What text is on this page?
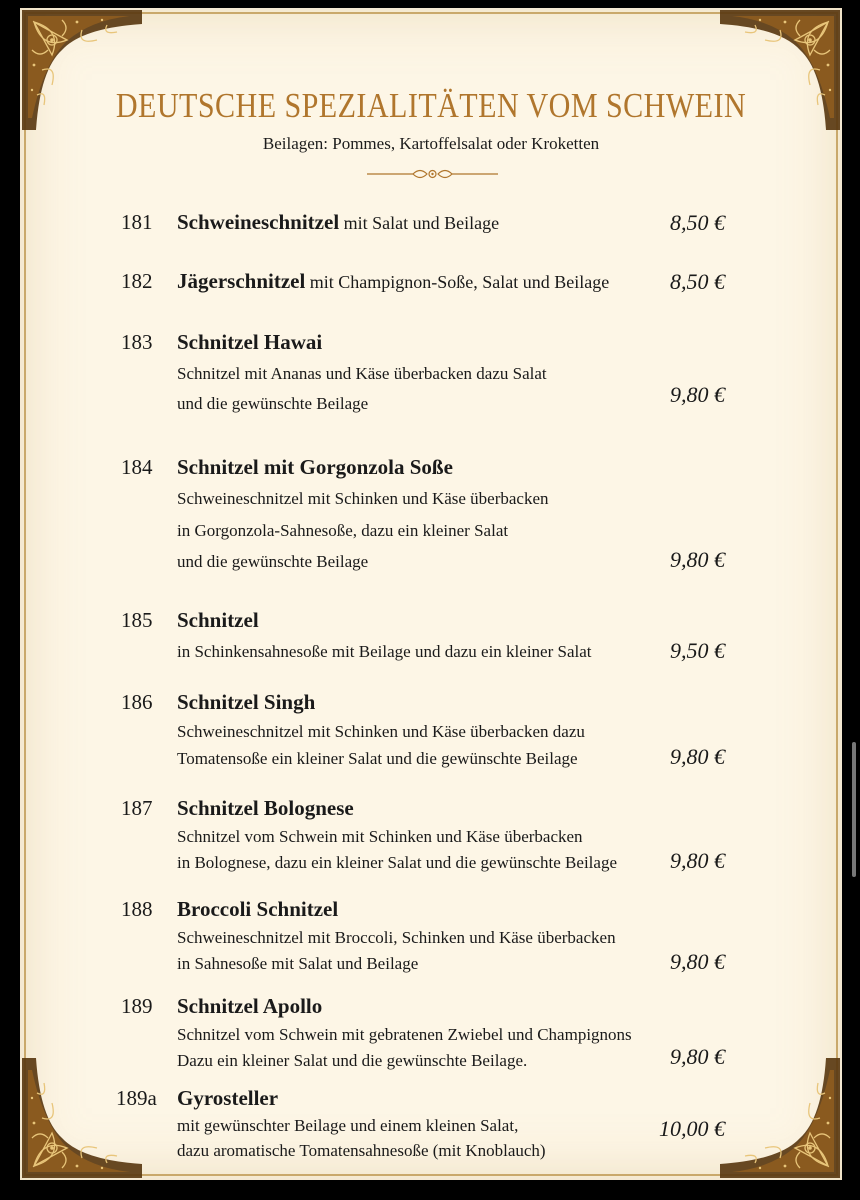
DEUTSCHE SPEZIALITÄTEN VOM SCHWEIN
Beilagen: Pommes, Kartoffelsalat oder Kroketten
181 Schweineschnitzel mit Salat und Beilage	8,50 €
182 Jägerschnitzel mit Champignon-Soße, Salat und Beilage	8,50 €
183 Schnitzel Hawai
Schnitzel mit Ananas und Käse überbacken dazu Salat
und die gewünschte Beilage	9,80 €
184 Schnitzel mit Gorgonzola Soße
Schweineschnitzel mit Schinken und Käse überbacken
in Gorgonzola-Sahnesoße, dazu ein kleiner Salat
und die gewünschte Beilage	9,80 €
185 Schnitzel
in Schinkensahnesoße mit Beilage und dazu ein kleiner Salat	9,50 €
186 Schnitzel Singh
Schweineschnitzel mit Schinken und Käse überbacken dazu
Tomatensoße ein kleiner Salat und die gewünschte Beilage	9,80 €
187 Schnitzel Bolognese
Schnitzel vom Schwein mit Schinken und Käse überbacken
in Bolognese, dazu ein kleiner Salat und die gewünschte Beilage 9,80 €
188 Broccoli Schnitzel
Schweineschnitzel mit Broccoli, Schinken und Käse überbacken
in Sahnesoße mit Salat und Beilage	9,80 €
189 Schnitzel Apollo
Schnitzel vom Schwein mit gebratenen Zwiebel und Champignons
Dazu ein kleiner Salat und die gewünschte Beilage.	9,80 €
189a Gyrosteller
mit gewünschter Beilage und einem kleinen Salat,
dazu aromatische Tomatensahnesoße (mit Knoblauch)
10,00 €
